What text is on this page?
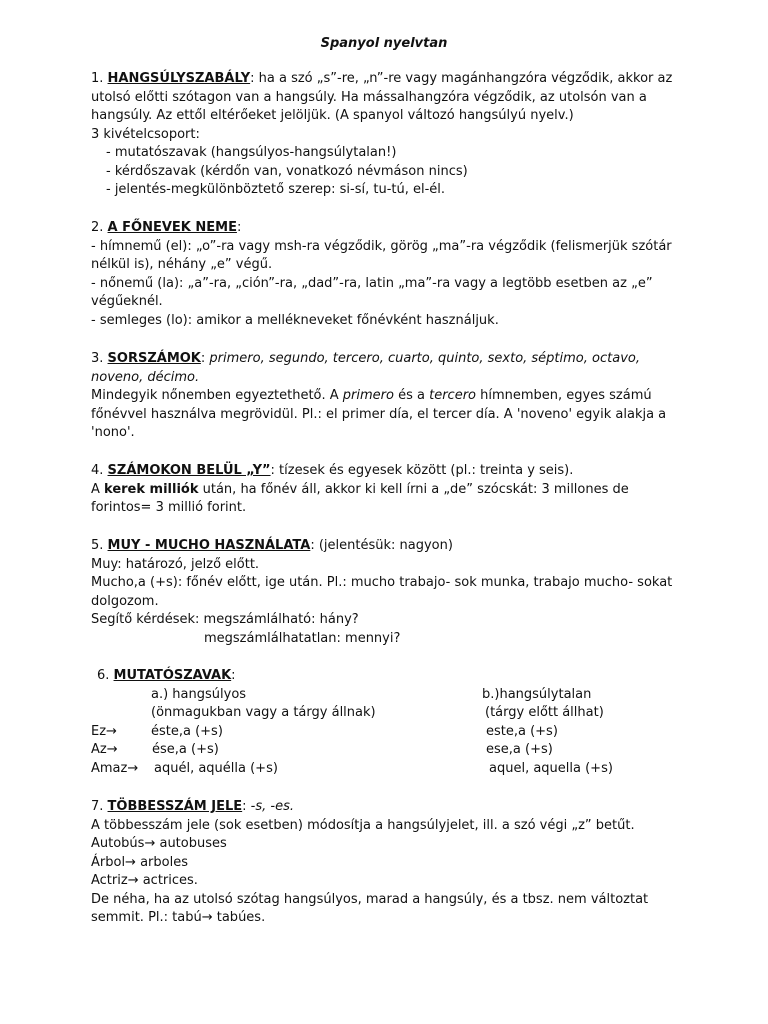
Spanyol nyelvtan
1. HANGSÚLYSZABÁLY: ha a szó „s”-re, „n”-re vagy magánhangzóra végződik, akkor az
utolsó előtti szótagon van a hangsúly. Ha mássalhangzóra végződik, az utolsón van a
hangsúly. Az ettől eltérőeket jelöljük. (A spanyol változó hangsúlyú nyelv.)
3 kivételcsoport:
- mutatószavak (hangsúlyos-hangsúlytalan!)
- kérdőszavak (kérdőn van, vonatkozó névmáson nincs)
- jelentés-megkülönböztető szerep: si-sí, tu-tú, el-él.
2. A FŐNEVEK NEME:
- hímnemű (el): „o”-ra vagy msh-ra végződik, görög „ma”-ra végződik (felismerjük szótár
nélkül is), néhány „e” végű.
- nőnemű (la): „a”-ra, „ción”-ra, „dad”-ra, latin „ma”-ra vagy a legtöbb esetben az „e”
végűeknél.
- semleges (lo): amikor a mellékneveket főnévként használjuk.
3. SORSZÁMOK: primero, segundo, tercero, cuarto, quinto, sexto, séptimo, octavo,
noveno, décimo.
Mindegyik nőnemben egyeztethető. A primero és a tercero hímnemben, egyes számú
főnévvel használva megrövidül. Pl.: el primer día, el tercer día. A 'noveno' egyik alakja a
'nono'.
4. SZÁMOKON BELÜL „Y”: tízesek és egyesek között (pl.: treinta y seis).
A kerek milliók után, ha főnév áll, akkor ki kell írni a „de” szócskát: 3 millones de
forintos= 3 millió forint.
5. MUY - MUCHO HASZNÁLATA: (jelentésük: nagyon)
Muy: határozó, jelző előtt.
Mucho,a (+s): főnév előtt, ige után. Pl.: mucho trabajo- sok munka, trabajo mucho- sokat
dolgozom.
Segítő kérdések: megszámlálható: hány?
megszámlálhatatlan: mennyi?
6. MUTATÓSZAVAK:
a.) hangsúlyos	b.)hangsúlytalan
(önmagukban vagy a tárgy állnak)	(tárgy előtt állhat)
Ez→	éste,a (+s)	este,a (+s)
Az→	ése,a (+s)	ese,a (+s)
Amaz→ aquél, aquélla (+s)	aquel, aquella (+s)
7. TÖBBESSZÁM JELE: -s, -es.
A többesszám jele (sok esetben) módosítja a hangsúlyjelet, ill. a szó végi „z” betűt.
Autobús→ autobuses
Árbol→ arboles
Actriz→ actrices.
De néha, ha az utolsó szótag hangsúlyos, marad a hangsúly, és a tbsz. nem változtat
semmit. Pl.: tabú→ tabúes.
